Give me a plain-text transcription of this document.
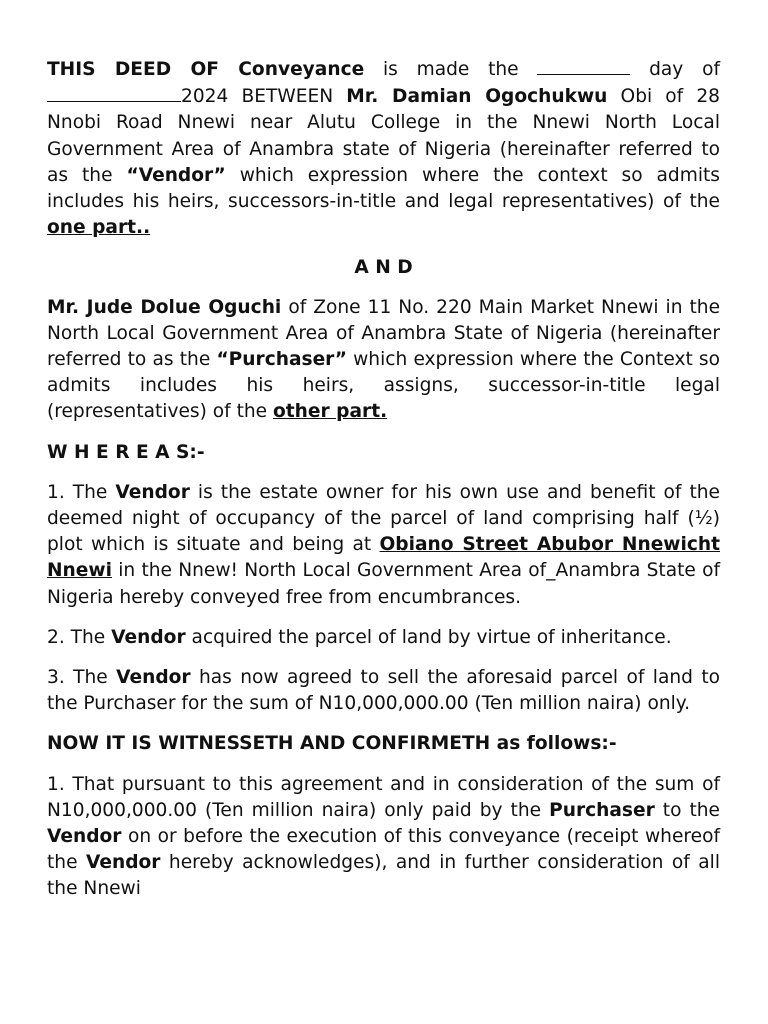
THIS DEED OF Conveyance is made the	day of 2024 BETWEEN Mr. Damian Ogochukwu Obi of 28 Nnobi Road Nnewi near Alutu College in the Nnewi North Local Government Area of Anambra state of Nigeria (hereinafter referred to as the “Vendor” which expression where the context so admits includes his heirs, successors-in-title and legal representatives) of the one part..

A N D

Mr. Jude Dolue Oguchi of Zone 11 No. 220 Main Market Nnewi in the North Local Government Area of Anambra State of Nigeria (hereinafter referred to as the “Purchaser” which expression where the Context so admits includes his heirs, assigns, successor-in-title legal (representatives) of the other part.

W H E R E A S:-

1. The Vendor is the estate owner for his own use and benefit of the deemed night of occupancy of the parcel of land comprising half (½) plot which is situate and being at Obiano Street Abubor Nnewicht Nnewi in the Nnew! North Local Government Area of_Anambra State of Nigeria hereby conveyed free from encumbrances.

2. The Vendor acquired the parcel of land by virtue of inheritance.

3. The Vendor has now agreed to sell the aforesaid parcel of land to the Purchaser for the sum of N10,000,000.00 (Ten million naira) only.

NOW IT IS WITNESSETH AND CONFIRMETH as follows:-

1. That pursuant to this agreement and in consideration of the sum of N10,000,000.00 (Ten million naira) only paid by the Purchaser to the Vendor on or before the execution of this conveyance (receipt whereof the Vendor hereby acknowledges), and in further consideration of all the Nnewi
